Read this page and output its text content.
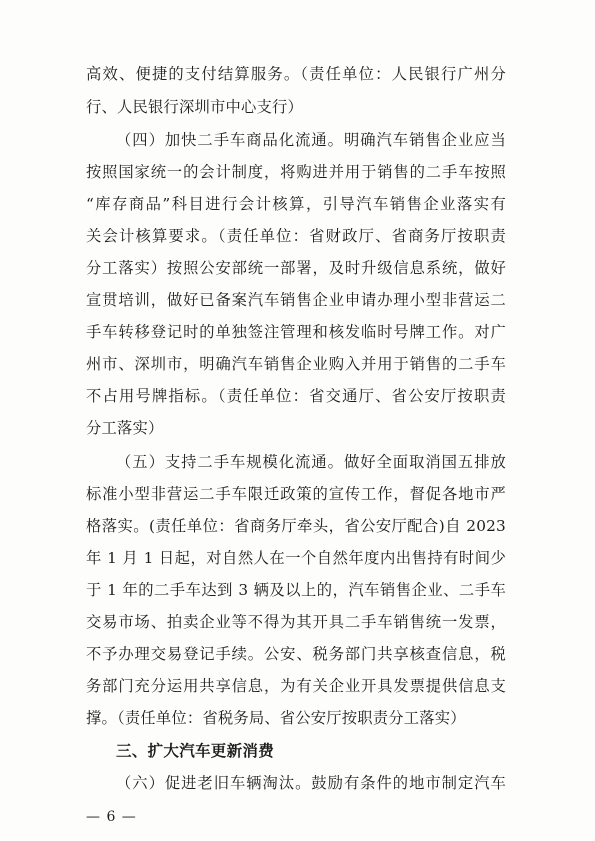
高效、便捷的支付结算服务。（责任单位：人民银行广州分
行、人民银行深圳市中心支行）
（四）加快二手车商品化流通。明确汽车销售企业应当
按照国家统一的会计制度，将购进并用于销售的二手车按照
“库存商品”科目进行会计核算，引导汽车销售企业落实有
关会计核算要求。（责任单位：省财政厅、省商务厅按职责
分工落实）按照公安部统一部署，及时升级信息系统，做好
宣贯培训，做好已备案汽车销售企业申请办理小型非营运二
手车转移登记时的单独签注管理和核发临时号牌工作。对广
州市、深圳市，明确汽车销售企业购入并用于销售的二手车
不占用号牌指标。（责任单位：省交通厅、省公安厅按职责
分工落实）
（五）支持二手车规模化流通。做好全面取消国五排放
标准小型非营运二手车限迁政策的宣传工作，督促各地市严
格落实。(责任单位：省商务厅牵头，省公安厅配合)自 2023
年 1 月 1 日起，对自然人在一个自然年度内出售持有时间少
于 1 年的二手车达到 3 辆及以上的，汽车销售企业、二手车
交易市场、拍卖企业等不得为其开具二手车销售统一发票，
不予办理交易登记手续。公安、税务部门共享核查信息，税
务部门充分运用共享信息，为有关企业开具发票提供信息支
撑。（责任单位：省税务局、省公安厅按职责分工落实）
三、扩大汽车更新消费
（六）促进老旧车辆淘汰。鼓励有条件的地市制定汽车
— 6 —
